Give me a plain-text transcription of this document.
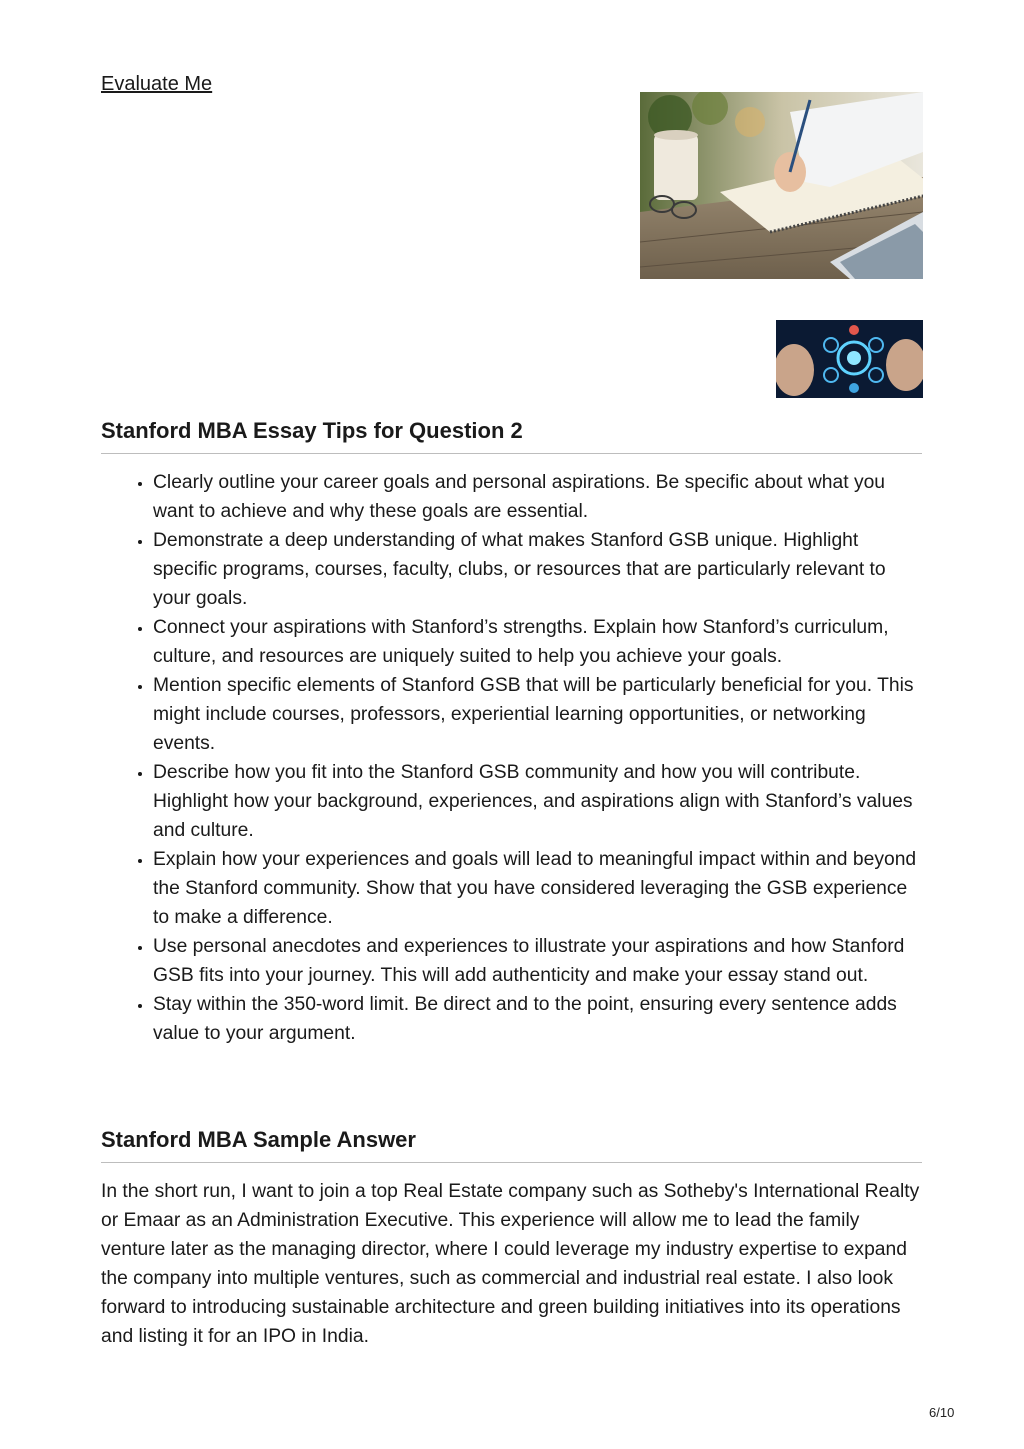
Evaluate Me
Stanford MBA Essay Tips for Question 2
• Clearly outline your career goals and personal aspirations. Be specific about what you want to achieve and why these goals are essential.
• Demonstrate a deep understanding of what makes Stanford GSB unique. Highlight specific programs, courses, faculty, clubs, or resources that are particularly relevant to your goals.
• Connect your aspirations with Stanford’s strengths. Explain how Stanford’s curriculum, culture, and resources are uniquely suited to help you achieve your goals.
• Mention specific elements of Stanford GSB that will be particularly beneficial for you. This might include courses, professors, experiential learning opportunities, or networking events.
• Describe how you fit into the Stanford GSB community and how you will contribute. Highlight how your background, experiences, and aspirations align with Stanford’s values and culture.
• Explain how your experiences and goals will lead to meaningful impact within and beyond the Stanford community. Show that you have considered leveraging the GSB experience to make a difference.
• Use personal anecdotes and experiences to illustrate your aspirations and how Stanford GSB fits into your journey. This will add authenticity and make your essay stand out.
• Stay within the 350-word limit. Be direct and to the point, ensuring every sentence adds value to your argument.
Stanford MBA Sample Answer

In the short run, I want to join a top Real Estate company such as Sotheby's International Realty or Emaar as an Administration Executive. This experience will allow me to lead the family venture later as the managing director, where I could leverage my industry expertise to expand the company into multiple ventures, such as commercial and industrial real estate. I also look forward to introducing sustainable architecture and green building initiatives into its operations and listing it for an IPO in India.

6/10
